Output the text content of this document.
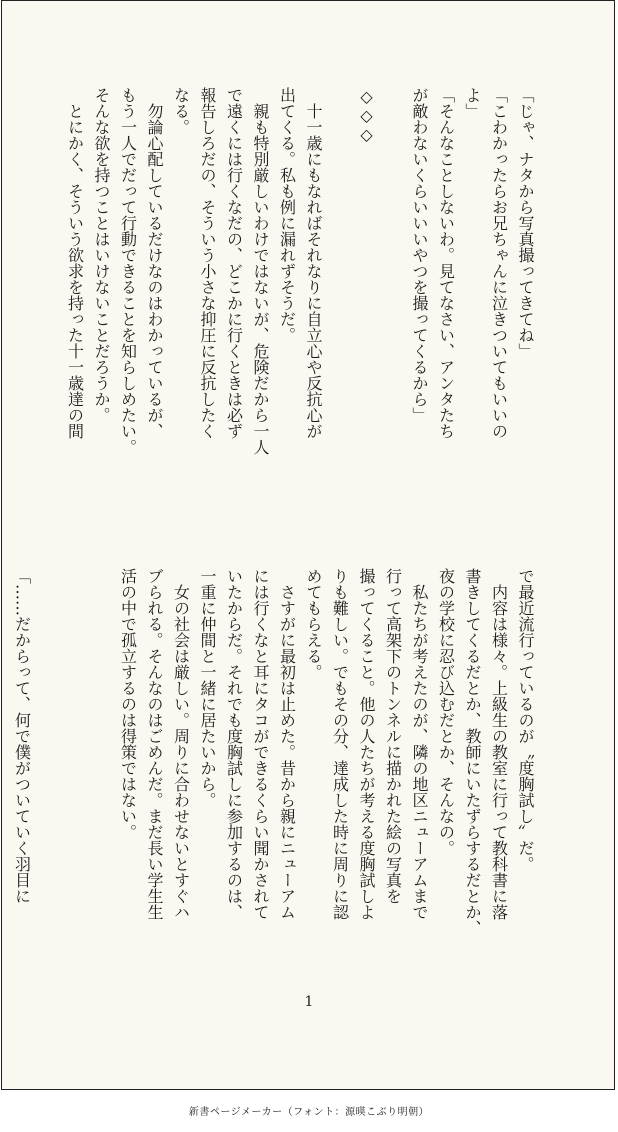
「じゃ、ナタから写真撮ってきてね」
「こわかったらお兄ちゃんに泣きついてもいいの
よ」
「そんなことしないわ。見てなさい、アンタたち
が敵わないくらいいいやつを撮ってくるから」
◇◇◇
　十一歳にもなればそれなりに自立心や反抗心が
出てくる。私も例に漏れずそうだ。
　親も特別厳しいわけではないが、危険だから一人
で遠くには行くなだの、どこかに行くときは必ず
報告しろだの、そういう小さな抑圧に反抗したく
なる。
　勿論心配しているだけなのはわかっているが、
もう一人でだって行動できることを知らしめたい。
そんな欲を持つことはいけないことだろうか。
　とにかく、そういう欲求を持った十一歳達の間
で最近流行っているのが〝度胸試し〟だ。
　内容は様々。上級生の教室に行って教科書に落
書きしてくるだとか、教師にいたずらするだとか、
夜の学校に忍び込むだとか、そんなの。
　私たちが考えたのが、隣の地区ニューアムまで
行って高架下のトンネルに描かれた絵の写真を
撮ってくること。他の人たちが考える度胸試しよ
りも難しい。でもその分、達成した時に周りに認
めてもらえる。
　さすがに最初は止めた。昔から親にニューアム
には行くなと耳にタコができるくらい聞かされて
いたからだ。それでも度胸試しに参加するのは、
一重に仲間と一緒に居たいから。
　女の社会は厳しい。周りに合わせないとすぐハ
ブられる。そんなのはごめんだ。まだ長い学生生
活の中で孤立するのは得策ではない。
「……だからって、何で僕がついていく羽目に
1
新書ページメーカー（フォント：源暎こぶり明朝）
